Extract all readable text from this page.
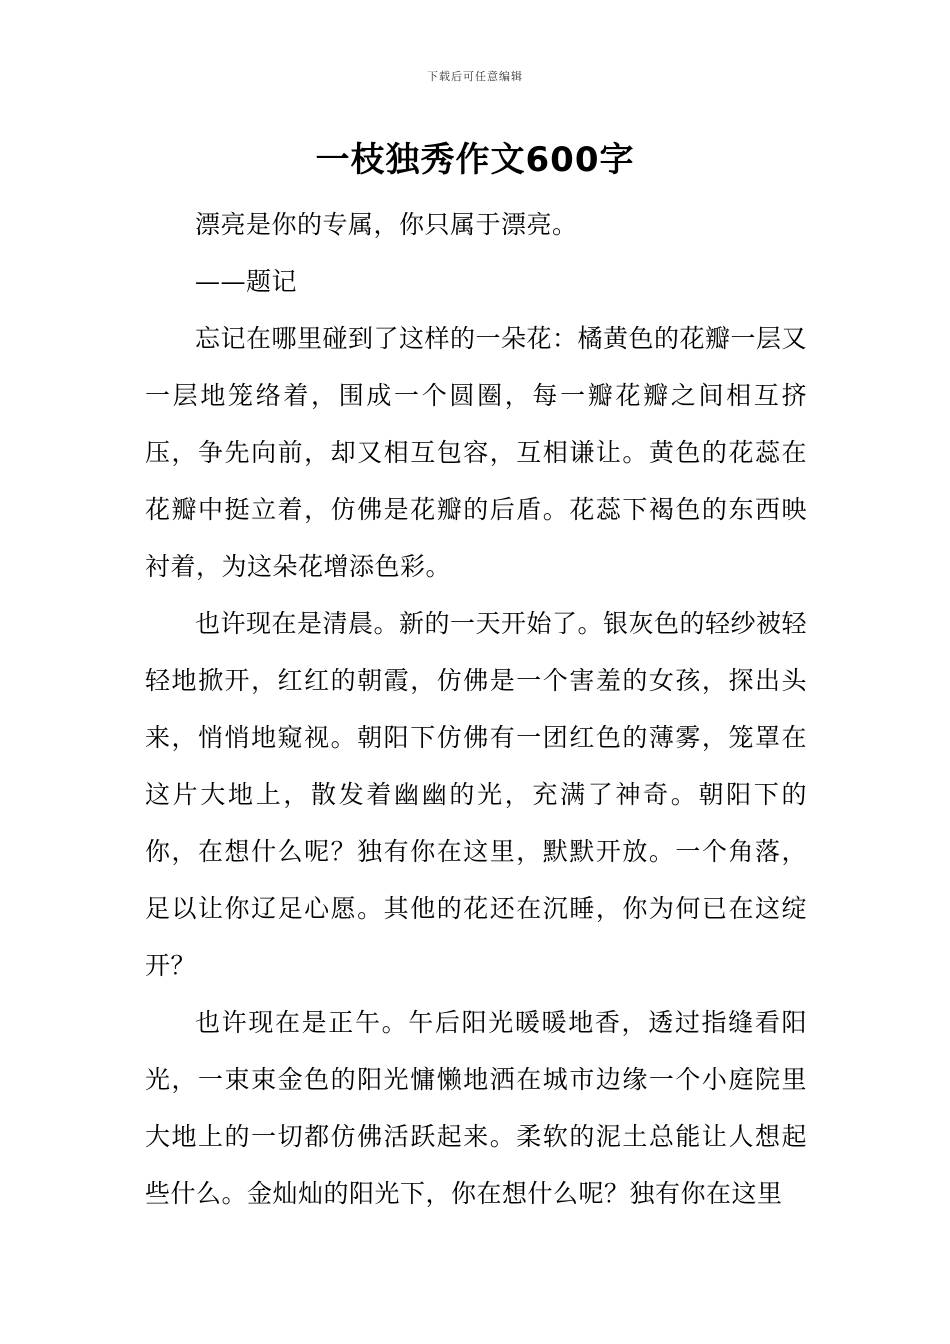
下载后可任意编辑
一枝独秀作文600字

漂亮是你的专属，你只属于漂亮。

——题记

忘记在哪里碰到了这样的一朵花：橘黄色的花瓣一层又一层地笼络着，围成一个圆圈，每一瓣花瓣之间相互挤压，争先向前，却又相互包容，互相谦让。黄色的花蕊在花瓣中挺立着，仿佛是花瓣的后盾。花蕊下褐色的东西映衬着，为这朵花增添色彩。

也许现在是清晨。新的一天开始了。银灰色的轻纱被轻轻地掀开，红红的朝霞，仿佛是一个害羞的女孩，探出头来，悄悄地窥视。朝阳下仿佛有一团红色的薄雾，笼罩在这片大地上，散发着幽幽的光，充满了神奇。朝阳下的你，在想什么呢？独有你在这里，默默开放。一个角落，足以让你辽足心愿。其他的花还在沉睡，你为何已在这绽开？

也许现在是正午。午后阳光暖暖地香，透过指缝看阳光，一束束金色的阳光慵懒地洒在城市边缘一个小庭院里大地上的一切都仿佛活跃起来。柔软的泥土总能让人想起些什么。金灿灿的阳光下，你在想什么呢？独有你在这里
